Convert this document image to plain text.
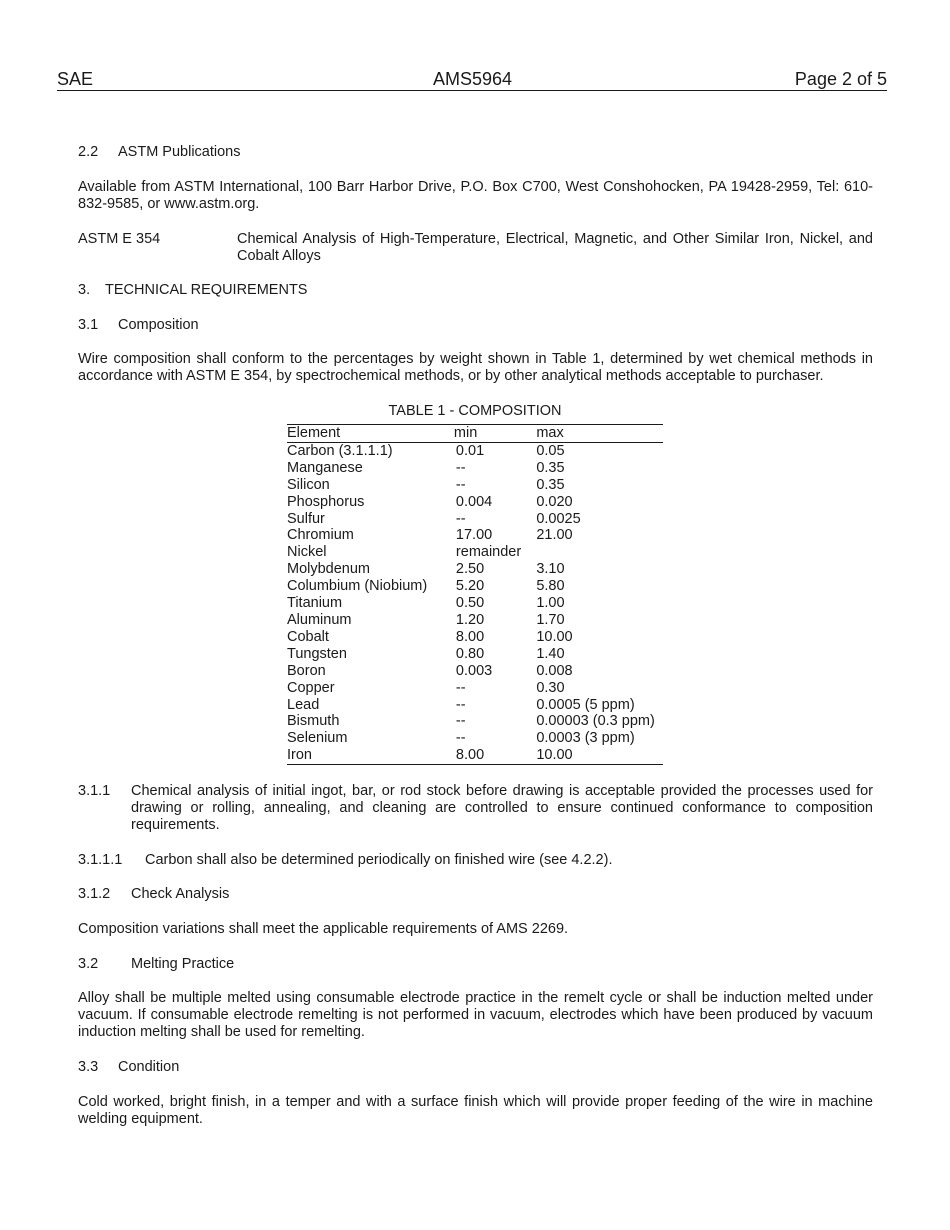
SAE	AMS5964	Page 2 of 5
2.2 ASTM Publications
Available from ASTM International, 100 Barr Harbor Drive, P.O. Box C700, West Conshohocken, PA 19428-2959, Tel: 610-832-9585, or www.astm.org.
ASTM E 354	Chemical Analysis of High-Temperature, Electrical, Magnetic, and Other Similar Iron, Nickel, and Cobalt Alloys
3. TECHNICAL REQUIREMENTS
3.1 Composition
Wire composition shall conform to the percentages by weight shown in Table 1, determined by wet chemical methods in accordance with ASTM E 354, by spectrochemical methods, or by other analytical methods acceptable to purchaser.
TABLE 1 - COMPOSITION
Element	min	max
Carbon (3.1.1.1)	0.01	0.05
Manganese	--	0.35
Silicon	--	0.35
Phosphorus	0.004	0.020
Sulfur	--	0.0025
Chromium	17.00	21.00
Nickel	remainder	
Molybdenum	2.50	3.10
Columbium (Niobium)	5.20	5.80
Titanium	0.50	1.00
Aluminum	1.20	1.70
Cobalt	8.00	10.00
Tungsten	0.80	1.40
Boron	0.003	0.008
Copper	--	0.30
Lead	--	0.0005 (5 ppm)
Bismuth	--	0.00003 (0.3 ppm)
Selenium	--	0.0003 (3 ppm)
Iron	8.00	10.00
3.1.1	Chemical analysis of initial ingot, bar, or rod stock before drawing is acceptable provided the processes used for drawing or rolling, annealing, and cleaning are controlled to ensure continued conformance to composition requirements.
3.1.1.1 Carbon shall also be determined periodically on finished wire (see 4.2.2).
3.1.2 Check Analysis
Composition variations shall meet the applicable requirements of AMS 2269.
3.2 Melting Practice
Alloy shall be multiple melted using consumable electrode practice in the remelt cycle or shall be induction melted under vacuum. If consumable electrode remelting is not performed in vacuum, electrodes which have been produced by vacuum induction melting shall be used for remelting.
3.3 Condition
Cold worked, bright finish, in a temper and with a surface finish which will provide proper feeding of the wire in machine welding equipment.
